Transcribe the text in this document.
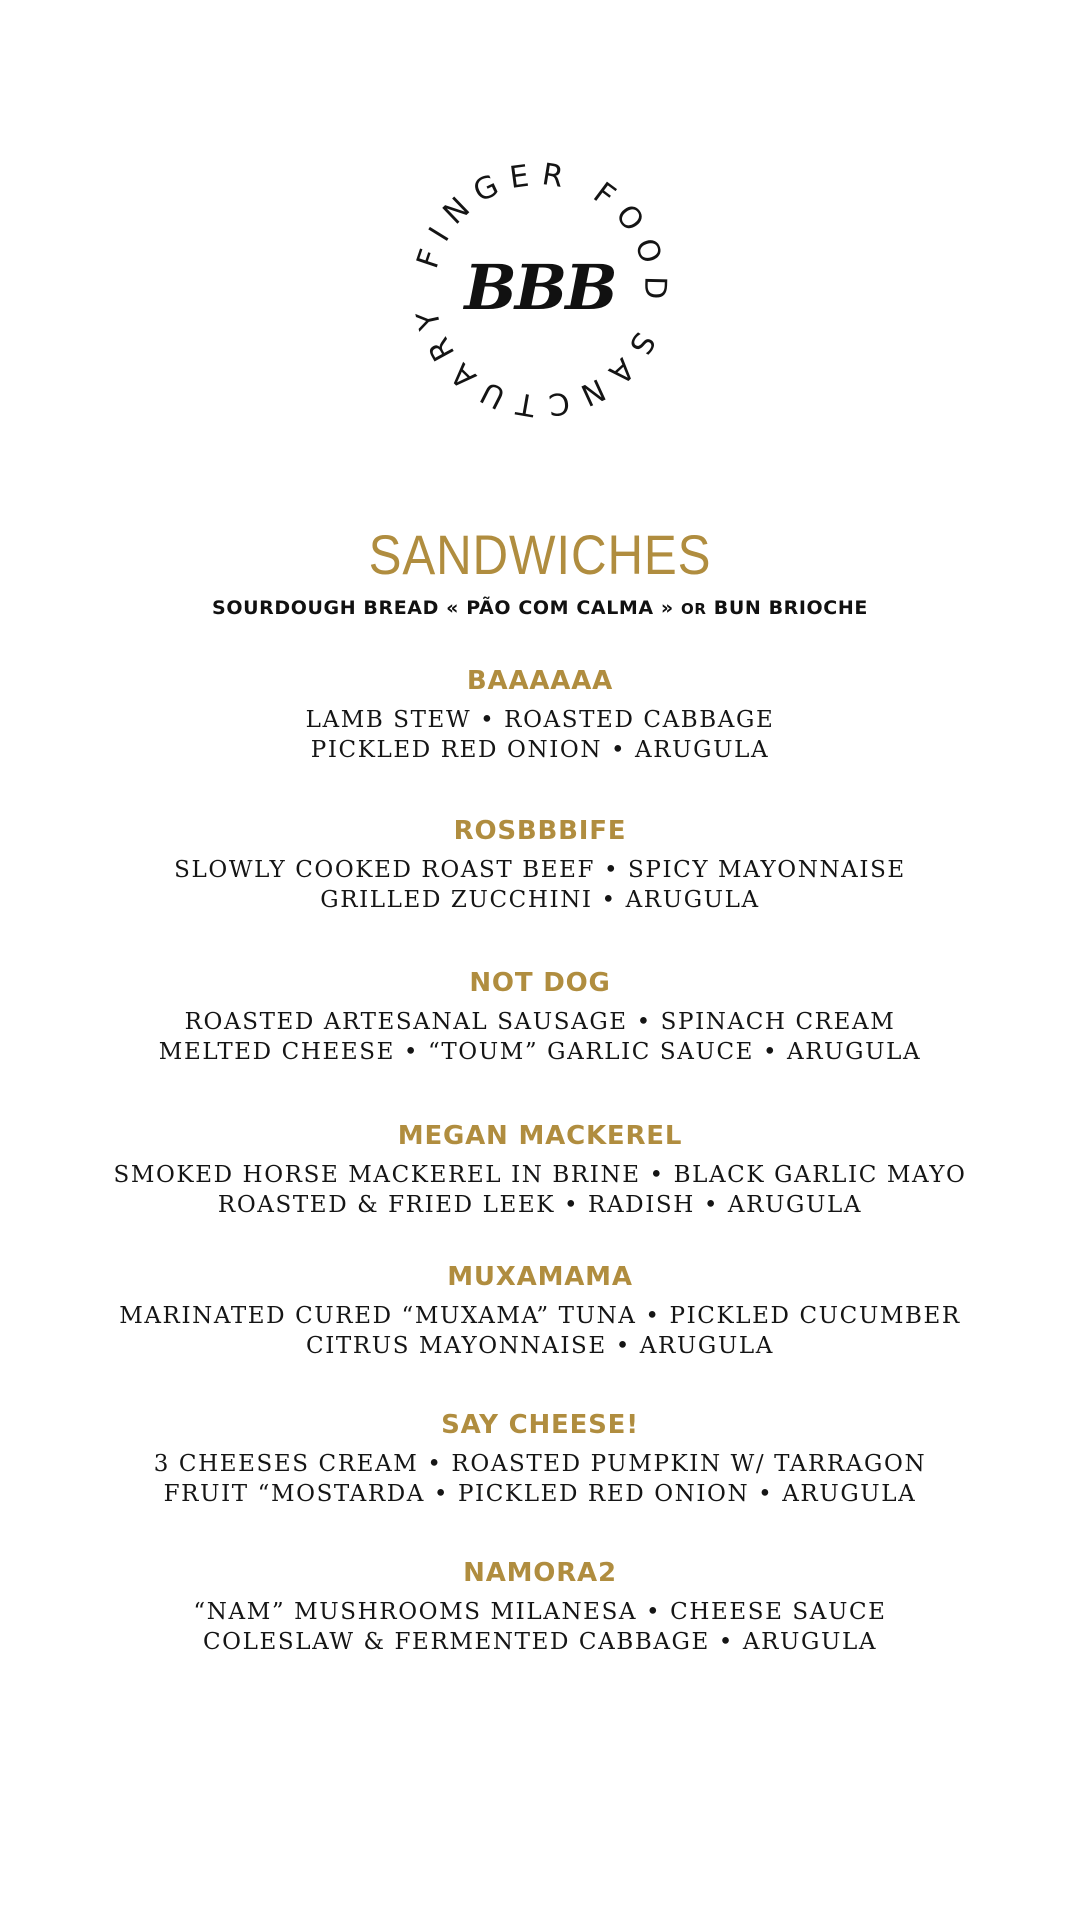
FINGER FOOD SANCTUARY BBB
SANDWICHES
SOURDOUGH BREAD « PÃO COM CALMA » OR BUN BRIOCHE
BAAAAAA
LAMB STEW • ROASTED CABBAGE
PICKLED RED ONION • ARUGULA
ROSBBBIFE
SLOWLY COOKED ROAST BEEF • SPICY MAYONNAISE
GRILLED ZUCCHINI • ARUGULA
NOT DOG
ROASTED ARTESANAL SAUSAGE • SPINACH CREAM
MELTED CHEESE • “TOUM” GARLIC SAUCE • ARUGULA
MEGAN MACKEREL
SMOKED HORSE MACKEREL IN BRINE • BLACK GARLIC MAYO
ROASTED & FRIED LEEK • RADISH • ARUGULA
MUXAMAMA
MARINATED CURED “MUXAMA” TUNA • PICKLED CUCUMBER
CITRUS MAYONNAISE • ARUGULA
SAY CHEESE!
3 CHEESES CREAM • ROASTED PUMPKIN W/ TARRAGON
FRUIT “MOSTARDA • PICKLED RED ONION • ARUGULA
NAMORA2
“NAM” MUSHROOMS MILANESA • CHEESE SAUCE
COLESLAW & FERMENTED CABBAGE • ARUGULA
